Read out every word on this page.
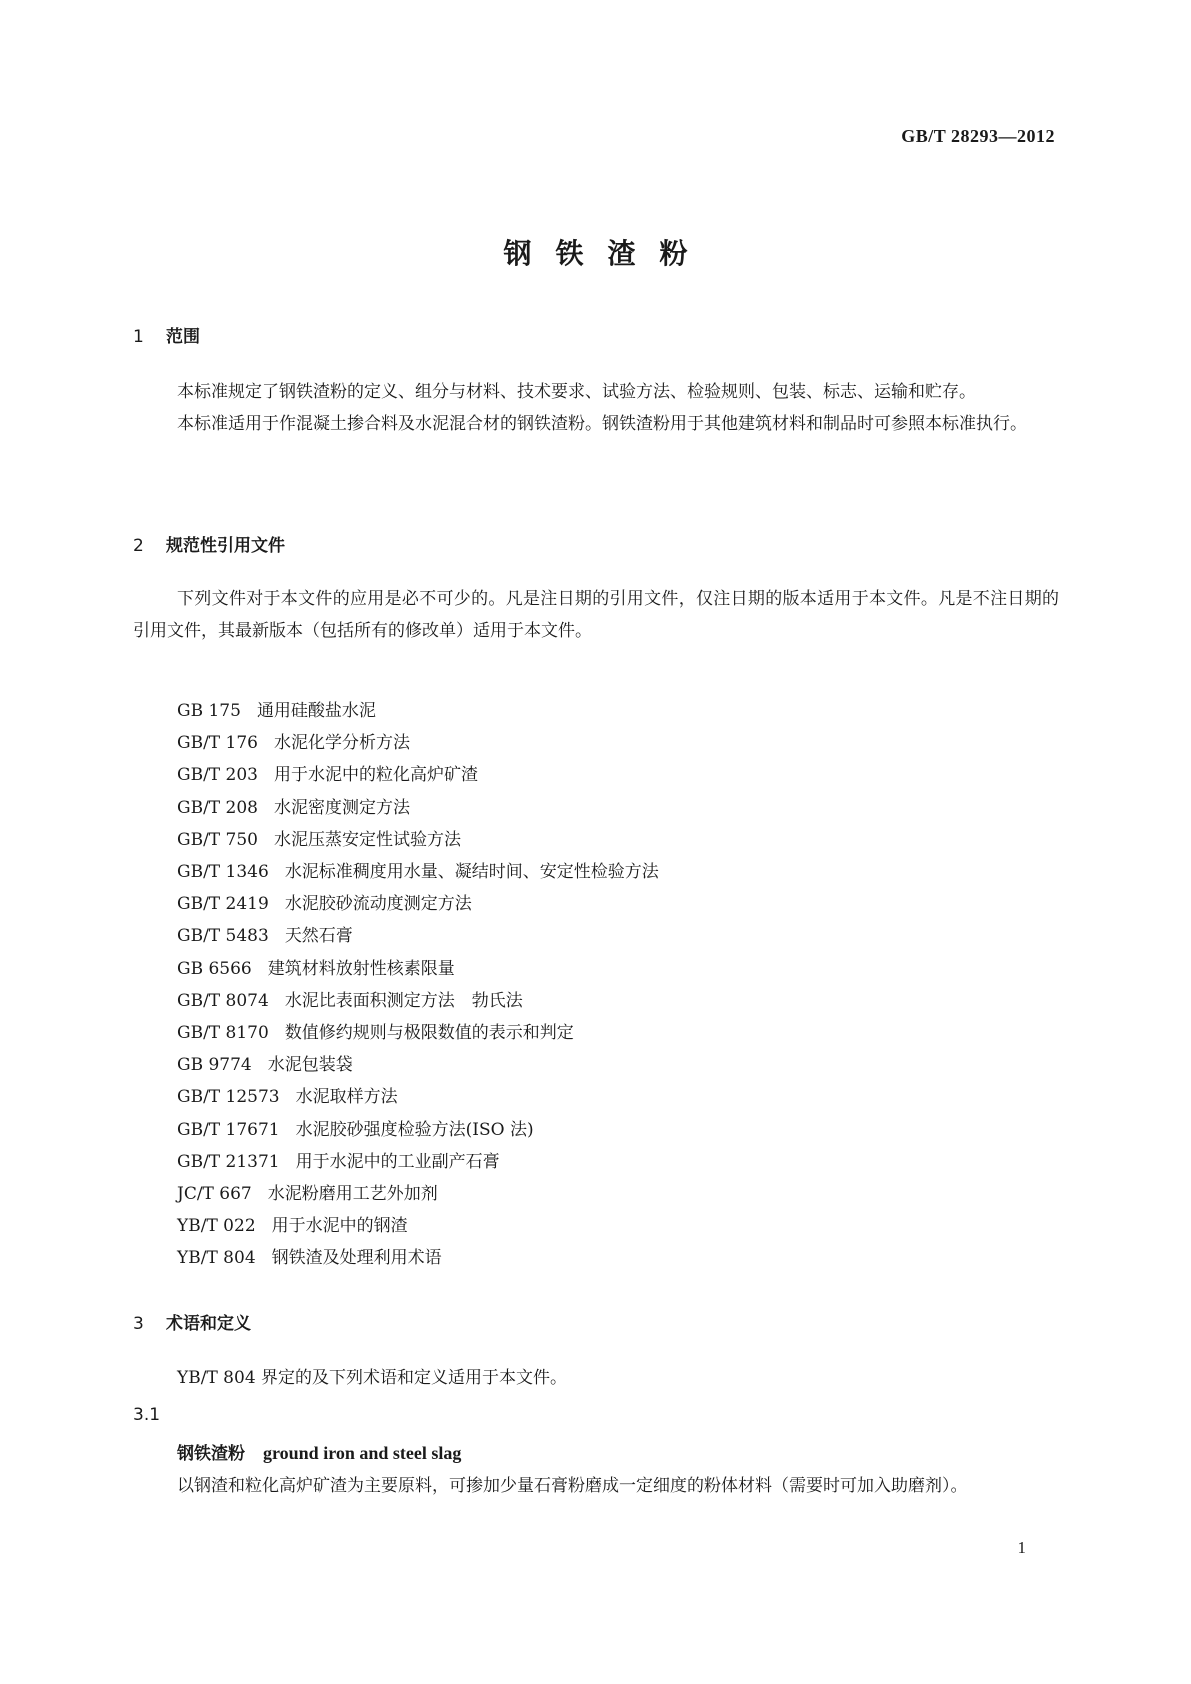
GB/T 28293—2012
钢铁渣粉
1 范围

本标准规定了钢铁渣粉的定义、组分与材料、技术要求、试验方法、检验规则、包装、标志、运输和贮存。

本标准适用于作混凝土掺合料及水泥混合材的钢铁渣粉。钢铁渣粉用于其他建筑材料和制品时可参照本标准执行。

2 规范性引用文件

下列文件对于本文件的应用是必不可少的。凡是注日期的引用文件，仅注日期的版本适用于本文件。凡是不注日期的引用文件，其最新版本（包括所有的修改单）适用于本文件。

GB 175 通用硅酸盐水泥
GB/T 176 水泥化学分析方法
GB/T 203 用于水泥中的粒化高炉矿渣
GB/T 208 水泥密度测定方法
GB/T 750 水泥压蒸安定性试验方法
GB/T 1346 水泥标准稠度用水量、凝结时间、安定性检验方法
GB/T 2419 水泥胶砂流动度测定方法
GB/T 5483 天然石膏
GB 6566 建筑材料放射性核素限量
GB/T 8074 水泥比表面积测定方法　勃氏法
GB/T 8170 数值修约规则与极限数值的表示和判定
GB 9774 水泥包装袋
GB/T 12573 水泥取样方法
GB/T 17671 水泥胶砂强度检验方法(ISO 法)
GB/T 21371 用于水泥中的工业副产石膏
JC/T 667 水泥粉磨用工艺外加剂
YB/T 022 用于水泥中的钢渣
YB/T 804 钢铁渣及处理利用术语
3 术语和定义

YB/T 804 界定的及下列术语和定义适用于本文件。

3.1
钢铁渣粉 ground iron and steel slag

以钢渣和粒化高炉矿渣为主要原料，可掺加少量石膏粉磨成一定细度的粉体材料（需要时可加入助磨剂）。

1
